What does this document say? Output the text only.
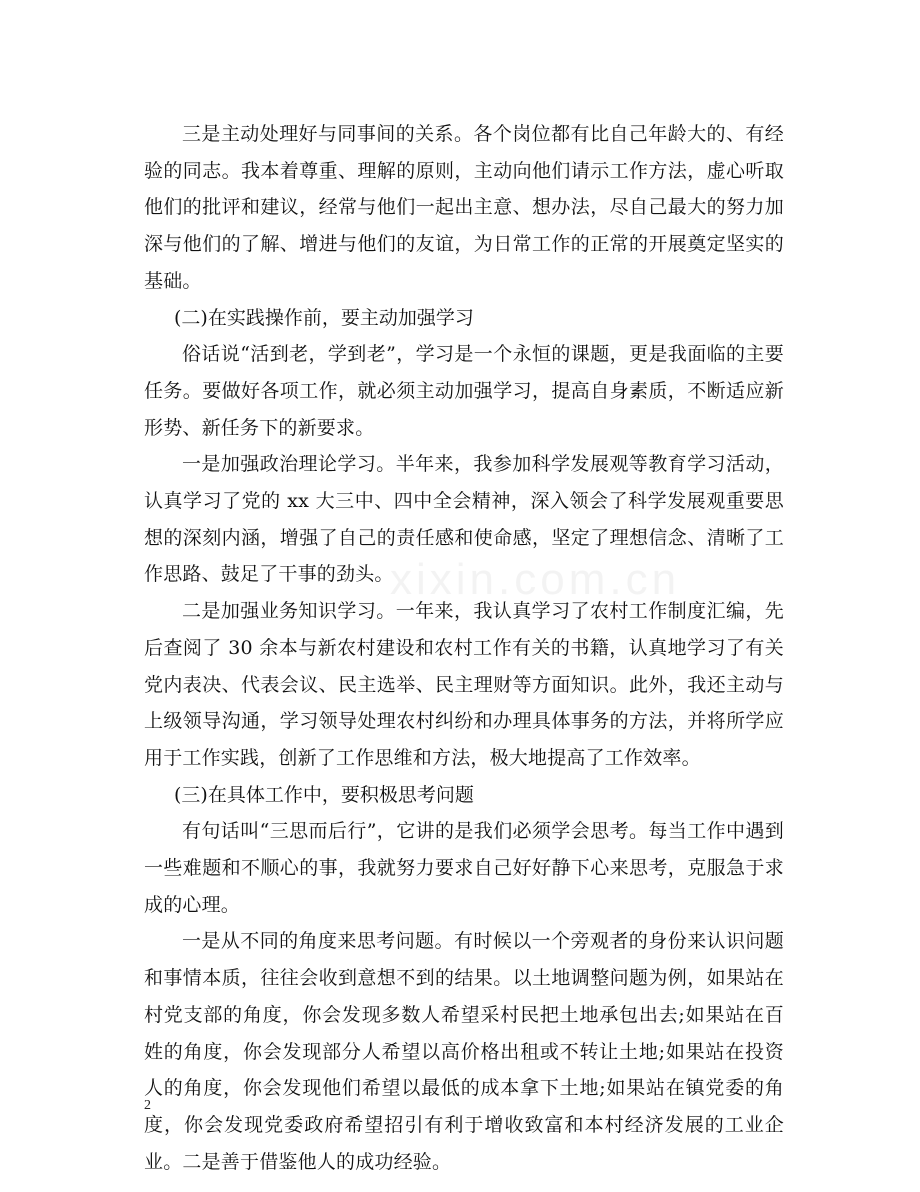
xixin.com.cn

三是主动处理好与同事间的关系。各个岗位都有比自己年龄大的、有经验的同志。我本着尊重、理解的原则，主动向他们请示工作方法，虚心听取他们的批评和建议，经常与他们一起出主意、想办法，尽自己最大的努力加深与他们的了解、增进与他们的友谊，为日常工作的正常的开展奠定坚实的基础。

(二)在实践操作前，要主动加强学习

俗话说“活到老，学到老”，学习是一个永恒的课题，更是我面临的主要任务。要做好各项工作，就必须主动加强学习，提高自身素质，不断适应新形势、新任务下的新要求。

一是加强政治理论学习。半年来，我参加科学发展观等教育学习活动，认真学习了党的 xx 大三中、四中全会精神，深入领会了科学发展观重要思想的深刻内涵，增强了自己的责任感和使命感，坚定了理想信念、清晰了工作思路、鼓足了干事的劲头。

二是加强业务知识学习。一年来，我认真学习了农村工作制度汇编，先后查阅了 30 余本与新农村建设和农村工作有关的书籍，认真地学习了有关党内表决、代表会议、民主选举、民主理财等方面知识。此外，我还主动与上级领导沟通，学习领导处理农村纠纷和办理具体事务的方法，并将所学应用于工作实践，创新了工作思维和方法，极大地提高了工作效率。

(三)在具体工作中，要积极思考问题

有句话叫“三思而后行”，它讲的是我们必须学会思考。每当工作中遇到一些难题和不顺心的事，我就努力要求自己好好静下心来思考，克服急于求成的心理。

一是从不同的角度来思考问题。有时候以一个旁观者的身份来认识问题和事情本质，往往会收到意想不到的结果。以土地调整问题为例，如果站在村党支部的角度，你会发现多数人希望采村民把土地承包出去;如果站在百姓的角度，你会发现部分人希望以高价格出租或不转让土地;如果站在投资人的角度，你会发现他们希望以最低的成本拿下土地;如果站在镇党委的角度，你会发现党委政府希望招引有利于增收致富和本村经济发展的工业企业。二是善于借鉴他人的成功经验。

2
